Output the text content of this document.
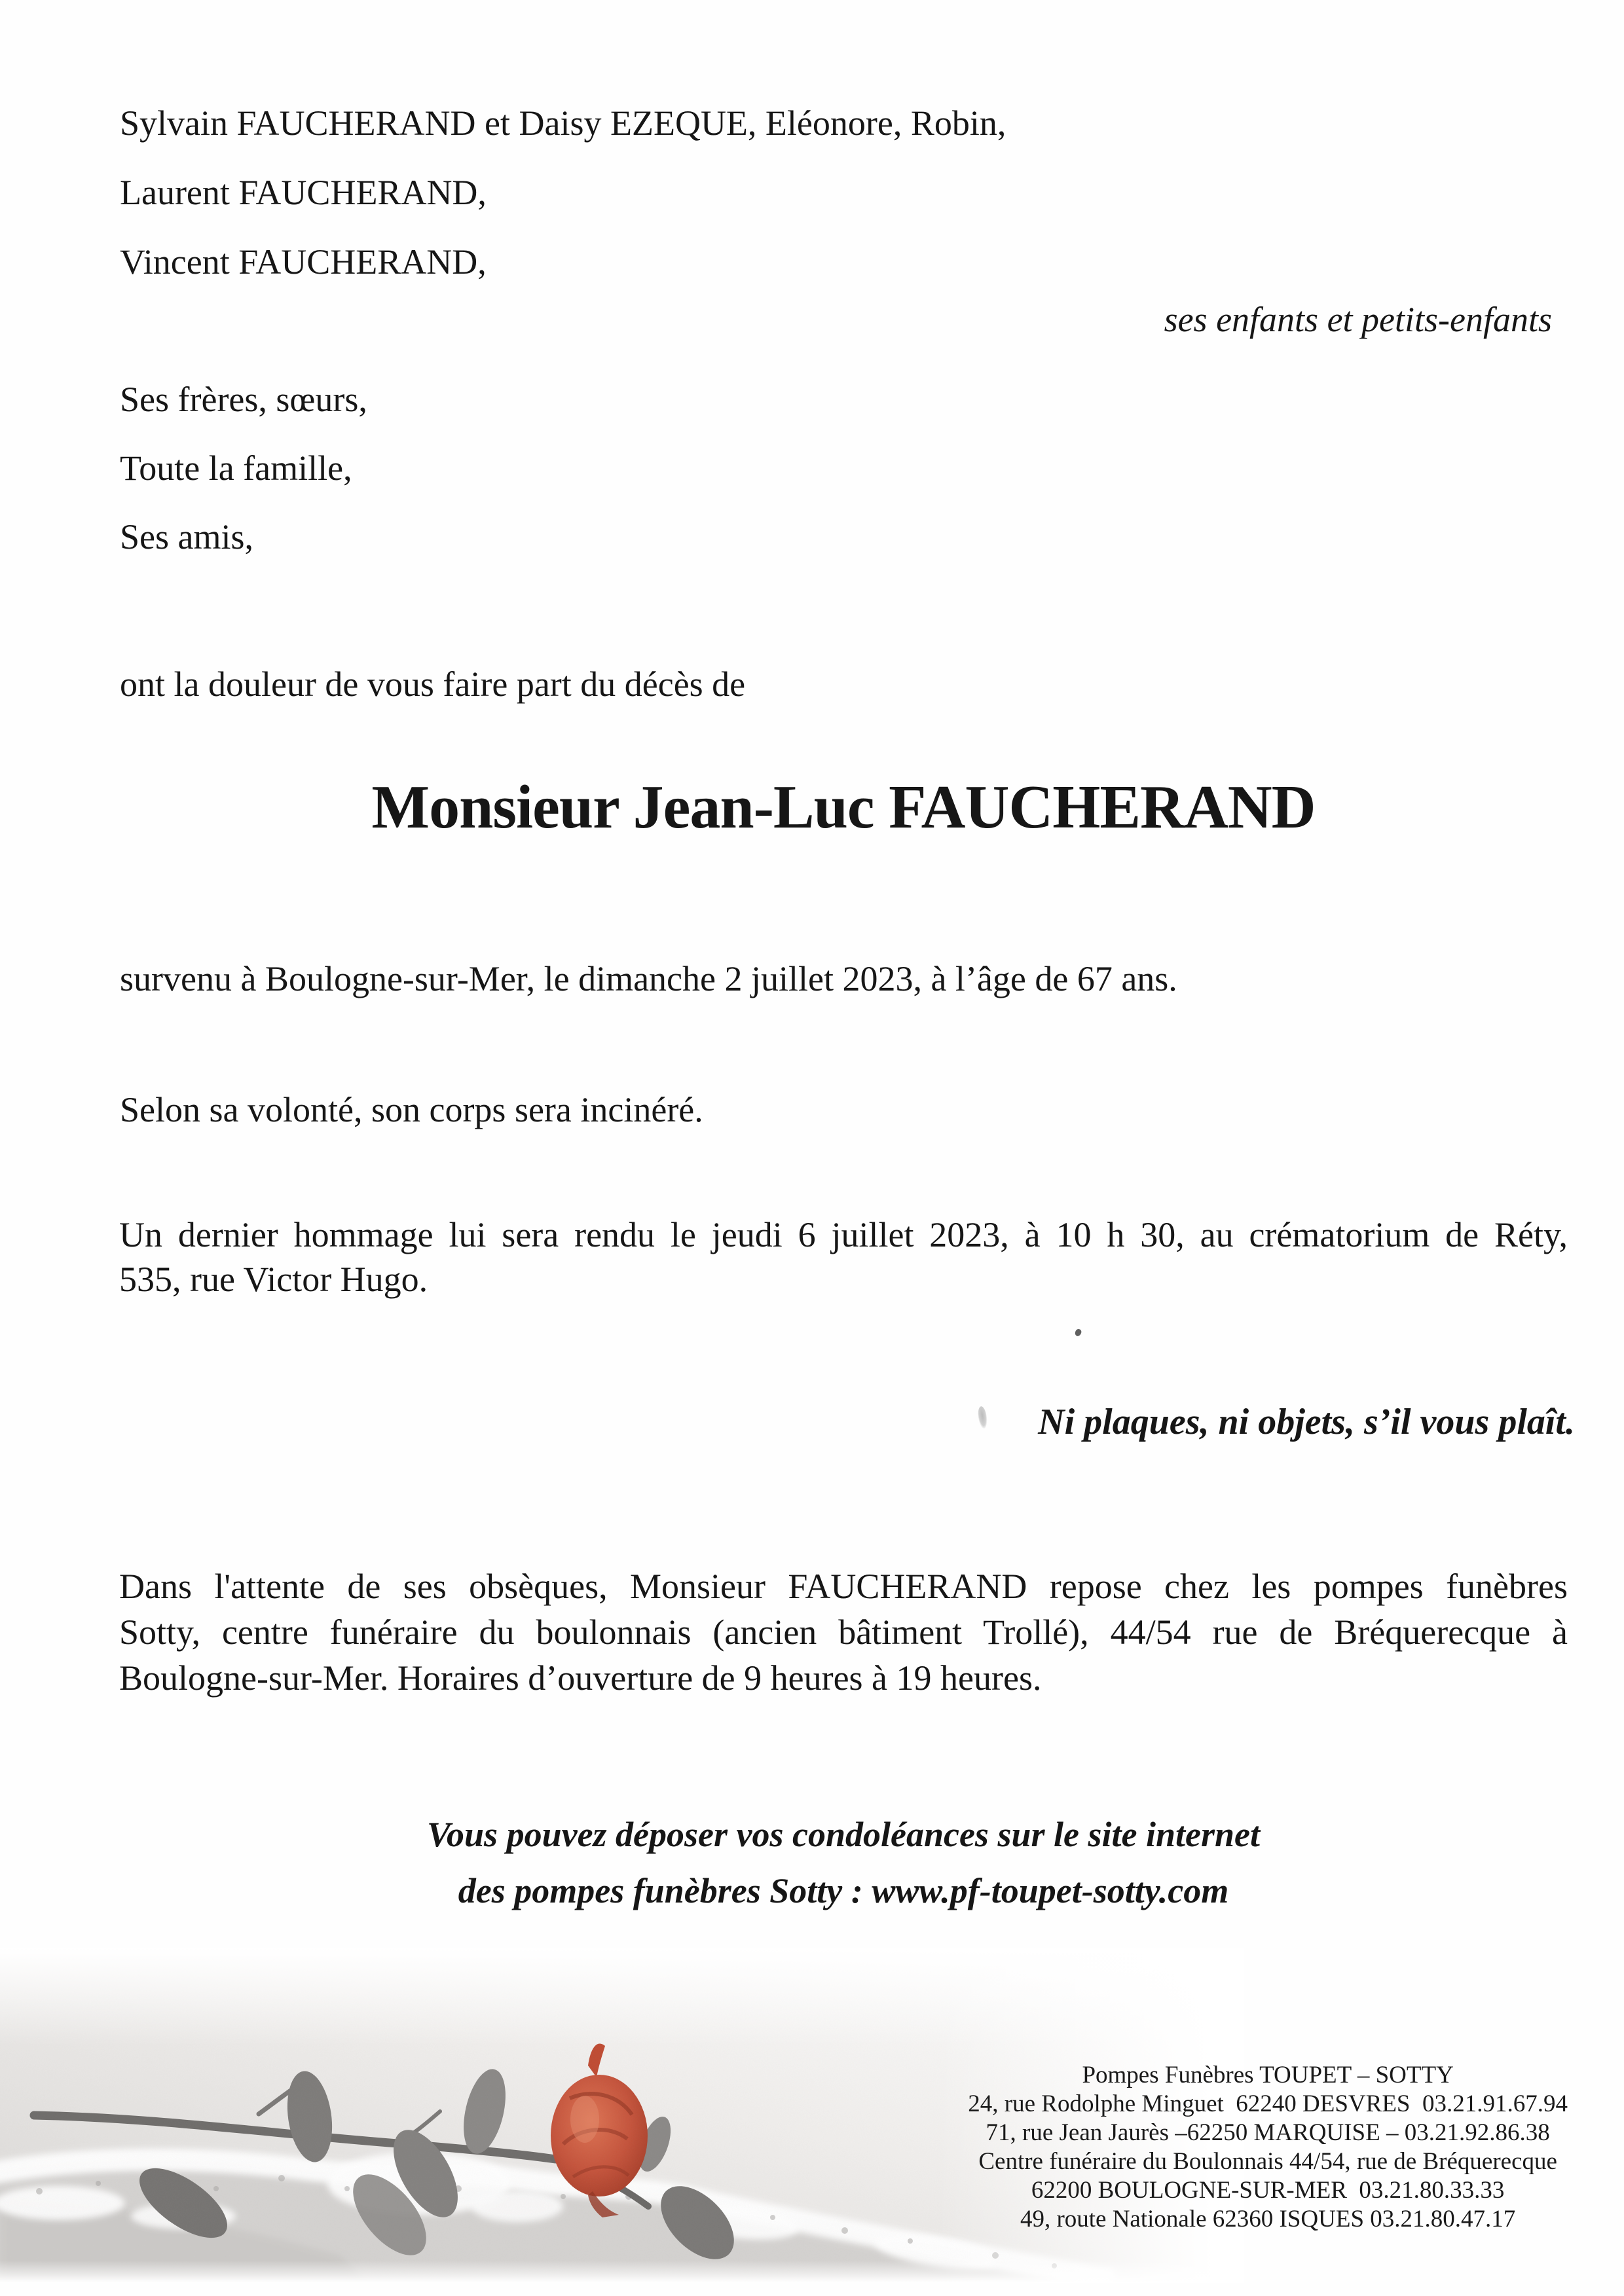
Sylvain FAUCHERAND et Daisy EZEQUE, Eléonore, Robin,
Laurent FAUCHERAND,
Vincent FAUCHERAND,
ses enfants et petits-enfants
Ses frères, sœurs,
Toute la famille,
Ses amis,
ont la douleur de vous faire part du décès de
Monsieur Jean-Luc FAUCHERAND
survenu à Boulogne-sur-Mer, le dimanche 2 juillet 2023, à l’âge de 67 ans.
Selon sa volonté, son corps sera incinéré.
Un dernier hommage lui sera rendu le jeudi 6 juillet 2023, à 10 h 30, au crématorium de Réty,
535, rue Victor Hugo.
Ni plaques, ni objets, s’il vous plaît.
Dans l'attente de ses obsèques, Monsieur FAUCHERAND repose chez les pompes funèbres
Sotty, centre funéraire du boulonnais (ancien bâtiment Trollé), 44/54 rue de Bréquerecque à
Boulogne-sur-Mer. Horaires d’ouverture de 9 heures à 19 heures.
Vous pouvez déposer vos condoléances sur le site internet
des pompes funèbres Sotty : www.pf-toupet-sotty.com
Pompes Funèbres TOUPET – SOTTY
24, rue Rodolphe Minguet  62240 DESVRES  03.21.91.67.94
71, rue Jean Jaurès –62250 MARQUISE – 03.21.92.86.38
Centre funéraire du Boulonnais 44/54, rue de Bréquerecque
62200 BOULOGNE-SUR-MER  03.21.80.33.33
49, route Nationale 62360 ISQUES 03.21.80.47.17
